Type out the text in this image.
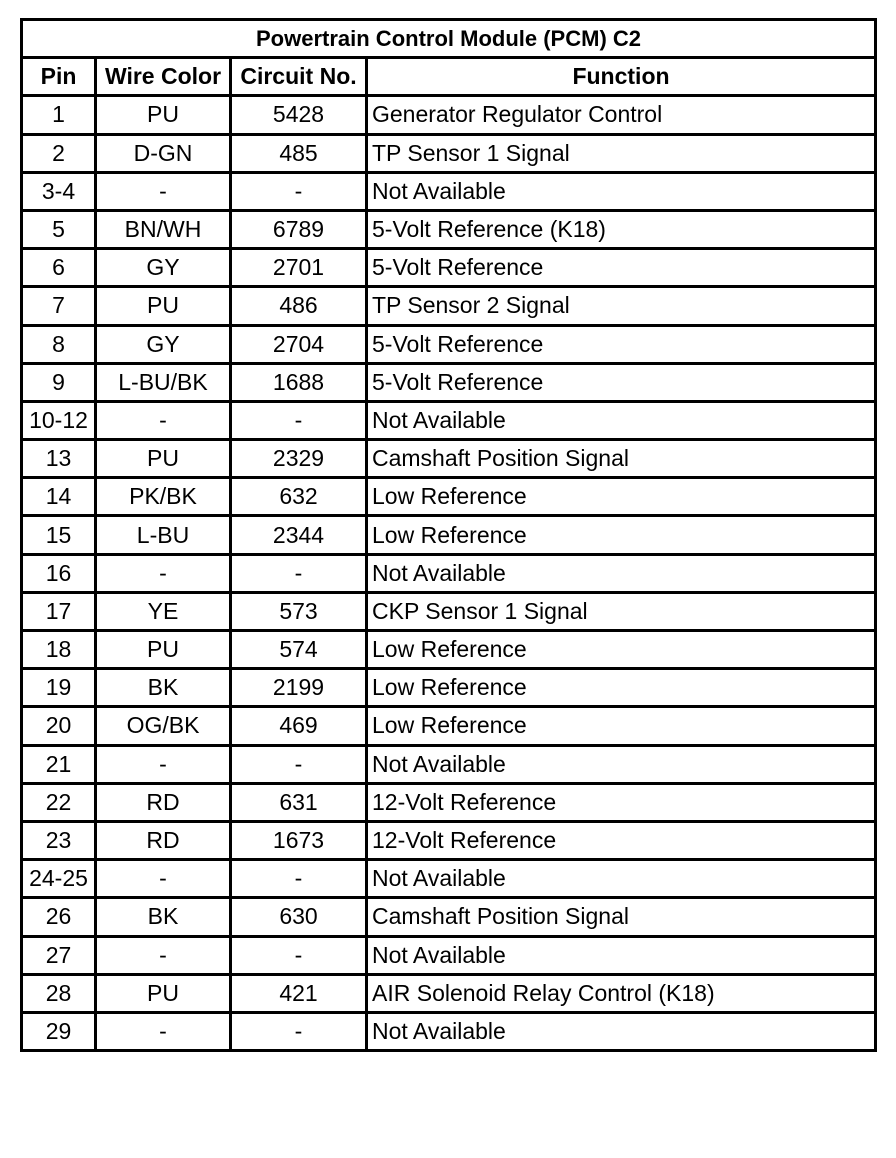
Powertrain Control Module (PCM) C2			
Pin	Wire Color	Circuit No.	Function
1	PU	5428	Generator Regulator Control
2	D-GN	485	TP Sensor 1 Signal
3-4	-	-	Not Available
5	BN/WH	6789	5-Volt Reference (K18)
6	GY	2701	5-Volt Reference
7	PU	486	TP Sensor 2 Signal
8	GY	2704	5-Volt Reference
9	L-BU/BK	1688	5-Volt Reference
10-12	-	-	Not Available
13	PU	2329	Camshaft Position Signal
14	PK/BK	632	Low Reference
15	L-BU	2344	Low Reference
16	-	-	Not Available
17	YE	573	CKP Sensor 1 Signal
18	PU	574	Low Reference
19	BK	2199	Low Reference
20	OG/BK	469	Low Reference
21	-	-	Not Available
22	RD	631	12-Volt Reference
23	RD	1673	12-Volt Reference
24-25	-	-	Not Available
26	BK	630	Camshaft Position Signal
27	-	-	Not Available
28	PU	421	AIR Solenoid Relay Control (K18)
29	-	-	Not Available
